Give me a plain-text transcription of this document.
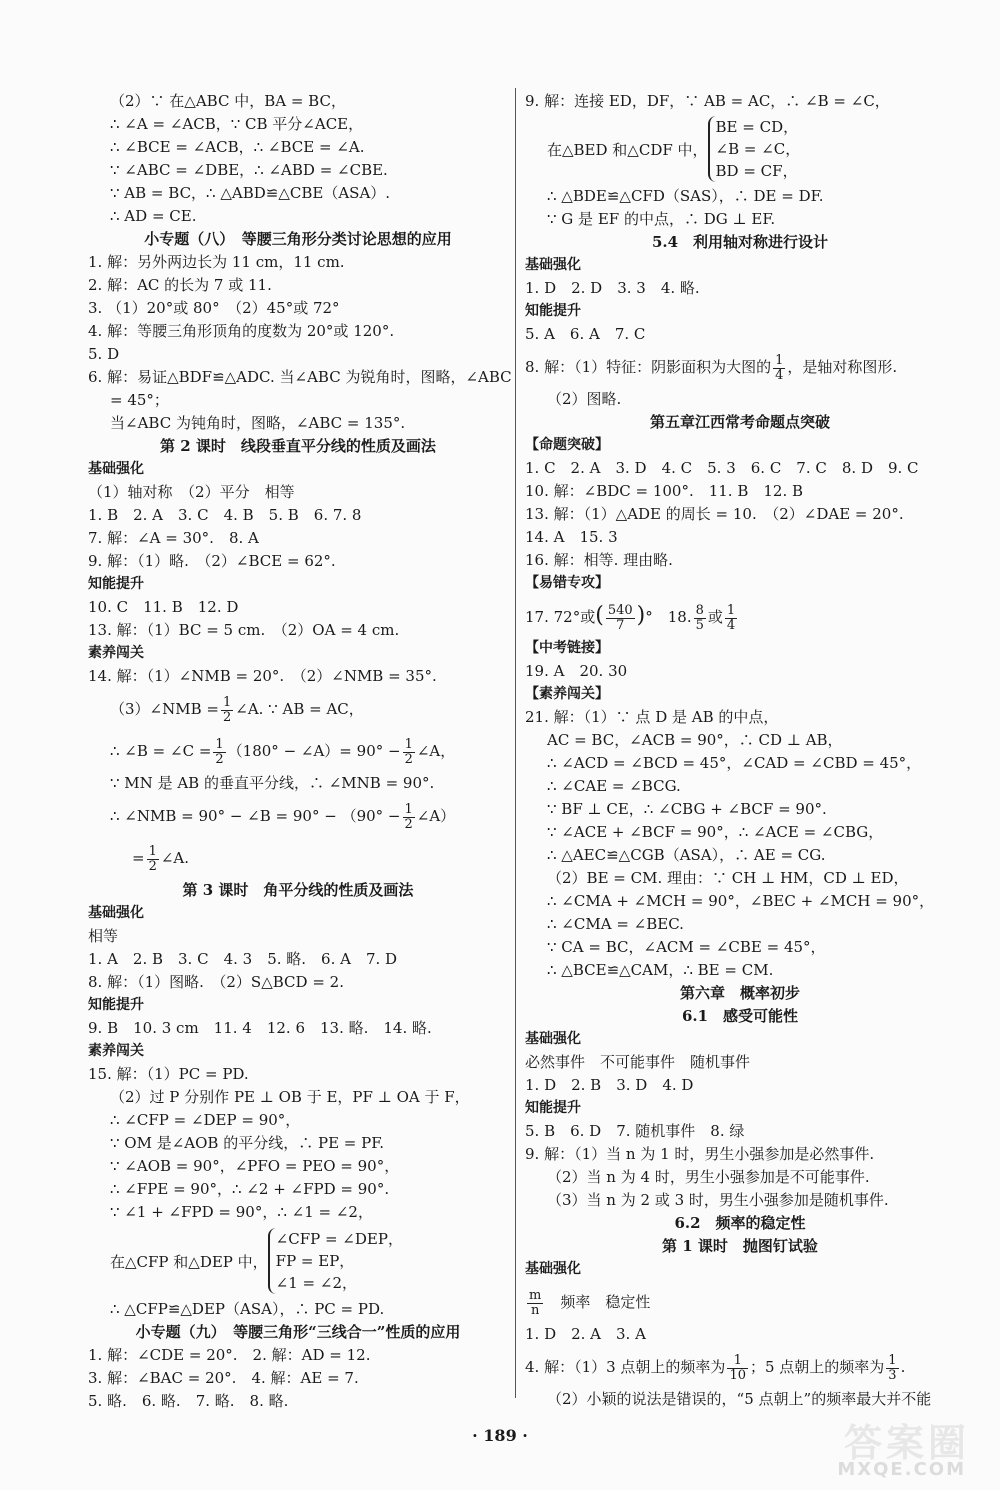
（2）∵ 在△ABC 中，BA = BC，
∴ ∠A = ∠ACB，∵ CB 平分∠ACE，
∴ ∠BCE = ∠ACB，∴ ∠BCE = ∠A.
∵ ∠ABC = ∠DBE，∴ ∠ABD = ∠CBE.
∵ AB = BC，∴ △ABD≌△CBE（ASA）.
∴ AD = CE.
小专题（八）　等腰三角形分类讨论思想的应用
1. 解：另外两边长为 11 cm，11 cm.
2. 解：AC 的长为 7 或 11.
3. （1）20°或 80°　（2）45°或 72°
4. 解：等腰三角形顶角的度数为 20°或 120°.
5. D
6. 解：易证△BDF≌△ADC. 当∠ABC 为锐角时，图略，∠ABC
= 45°；
当∠ABC 为钝角时，图略，∠ABC = 135°.
第 2 课时　线段垂直平分线的性质及画法
基础强化
（1）轴对称　（2）平分　相等
1. B　2. A　3. C　4. B　5. B　6. 7. 8
7. 解：∠A = 30°.　8. A
9. 解：（1）略.　（2）∠BCE = 62°.
知能提升
10. C　11. B　12. D
13. 解：（1）BC = 5 cm.　（2）OA = 4 cm.
素养闯关
14. 解：（1）∠NMB = 20°.　（2）∠NMB = 35°.
（3）∠NMB = $\frac{1}{2}$ ∠A. ∵ AB = AC，
∴ ∠B = ∠C = $\frac{1}{2} (180^\circ$ − ∠A）= $90^\circ - \frac{1}{2}$ ∠A，
∵ MN 是 AB 的垂直平分线，∴ ∠MNB = 90°.
∴ ∠NMB = 90° − ∠B = $90^\circ - (90^\circ - \frac{1}{2}$ ∠A）
= $\frac{1}{2}$ ∠A.
第 3 课时　角平分线的性质及画法
基础强化
相等
1. A　2. B　3. C　4. 3　5. 略.　6. A　7. D
8. 解：（1）图略.　（2）S△BCD = 2.
知能提升
9. B　10. 3 cm　11. 4　12. 6　13. 略.　14. 略.
素养闯关
15. 解：（1）PC = PD.
（2）过 P 分别作 PE ⊥ OB 于 E，PF ⊥ OA 于 F，
∴ ∠CFP = ∠DEP = 90°，
∵ OM 是∠AOB 的平分线，∴ PE = PF.
∵ ∠AOB = 90°，∠PFO = PEO = 90°，
∴ ∠FPE = 90°，∴ ∠2 + ∠FPD = 90°.
∵ ∠1 + ∠FPD = 90°，∴ ∠1 = ∠2，
在△CFP 和△DEP 中，
∠CFP = ∠DEP，
FP = EP，
∠1 = ∠2，
∴ △CFP≌△DEP（ASA），∴ PC = PD.
小专题（九）　等腰三角形“三线合一”性质的应用
1. 解：∠CDE = 20°.　2. 解：AD = 12.
3. 解：∠BAC = 20°.　4. 解：AE = 7.
5. 略.　6. 略.　7. 略.　8. 略.
9. 解：连接 ED，DF，∵ AB = AC，∴ ∠B = ∠C，
在△BED 和△CDF 中，
BE = CD，
∠B = ∠C，
BD = CF，
∴ △BDE≌△CFD（SAS），∴ DE = DF.
∵ G 是 EF 的中点，∴ DG ⊥ EF.
5.4　利用轴对称进行设计
基础强化
1. D　2. D　3. 3　4. 略.
知能提升
5. A　6. A　7. C
8. 解：（1）特征：阴影面积为大图的 $\frac{1}{4}$ ，是轴对称图形.
（2）图略.
第五章江西常考命题点突破
【命题突破】
1. C　2. A　3. D　4. C　5. 3　6. C　7. C　8. D　9. C
10. 解：∠BDC = 100°.　11. B　12. B
13. 解：（1）△ADE 的周长 = 10.　（2）∠DAE = 20°.
14. A　15. 3
16. 解：相等. 理由略.
【易错专攻】
17. 72°或( $\frac{540}{7}$ )°　18. $\frac{8}{5}$ 或 $\frac{1}{4}$
【中考链接】
19. A　20. 30
【素养闯关】
21. 解：（1）∵ 点 D 是 AB 的中点，
AC = BC，∠ACB = 90°，∴ CD ⊥ AB，
∴ ∠ACD = ∠BCD = 45°，∠CAD = ∠CBD = 45°，
∴ ∠CAE = ∠BCG.
∵ BF ⊥ CE，∴ ∠CBG + ∠BCF = 90°.
∵ ∠ACE + ∠BCF = 90°，∴ ∠ACE = ∠CBG，
∴ △AEC≌△CGB（ASA），∴ AE = CG.
（2）BE = CM. 理由：∵ CH ⊥ HM，CD ⊥ ED，
∴ ∠CMA + ∠MCH = 90°，∠BEC + ∠MCH = 90°，
∴ ∠CMA = ∠BEC.
∵ CA = BC，∠ACM = ∠CBE = 45°，
∴ △BCE≌△CAM，∴ BE = CM.
第六章　概率初步
6.1　感受可能性
基础强化
必然事件　不可能事件　随机事件
1. D　2. B　3. D　4. D
知能提升
5. B　6. D　7. 随机事件　8. 绿
9. 解：（1）当 n 为 1 时，男生小强参加是必然事件.
（2）当 n 为 4 时，男生小强参加是不可能事件.
（3）当 n 为 2 或 3 时，男生小强参加是随机事件.
6.2　频率的稳定性
第 1 课时　抛图钉试验
基础强化
$\frac{m}{n}$
　 频率　稳定性
1. D　2. A　3. A
4. 解：（1）3 点朝上的频率为 $\frac{1}{10}$ ；5 点朝上的频率为 $\frac{1}{3}$ .
（2）小颖的说法是错误的，“5 点朝上”的频率最大并不能
· 189 ·	答案圈
MXQE.COM
